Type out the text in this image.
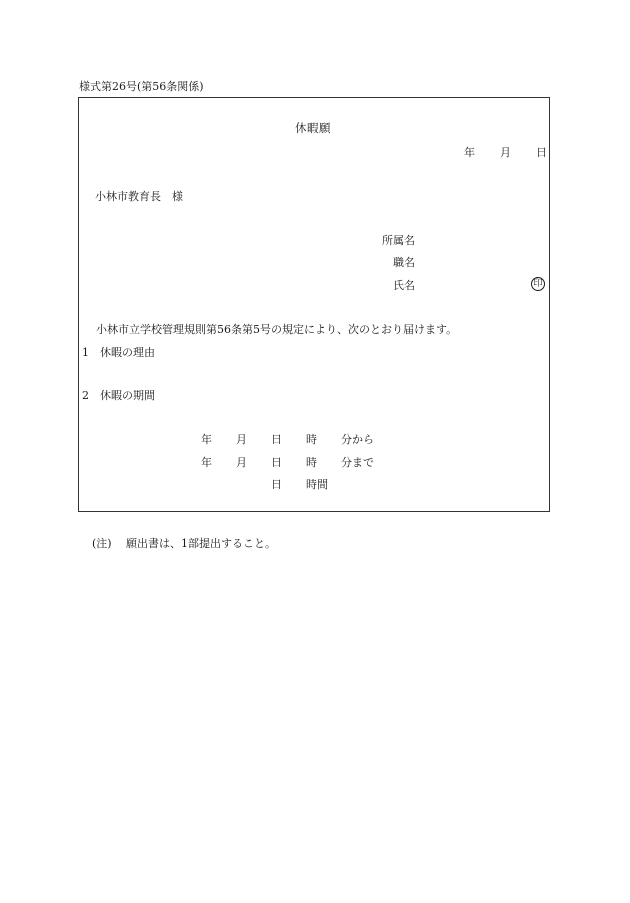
様式第26号(第56条関係)
休暇願
年 月 日
小林市教育長　様
所属名
職名
氏名	印
小林市立学校管理規則第56条第5号の規定により、次のとおり届けます。
1 休暇の理由
2 休暇の期間
年 月 日 時 分から
年 月 日 時 分まで
日 時間
(注) 願出書は、1部提出すること。
